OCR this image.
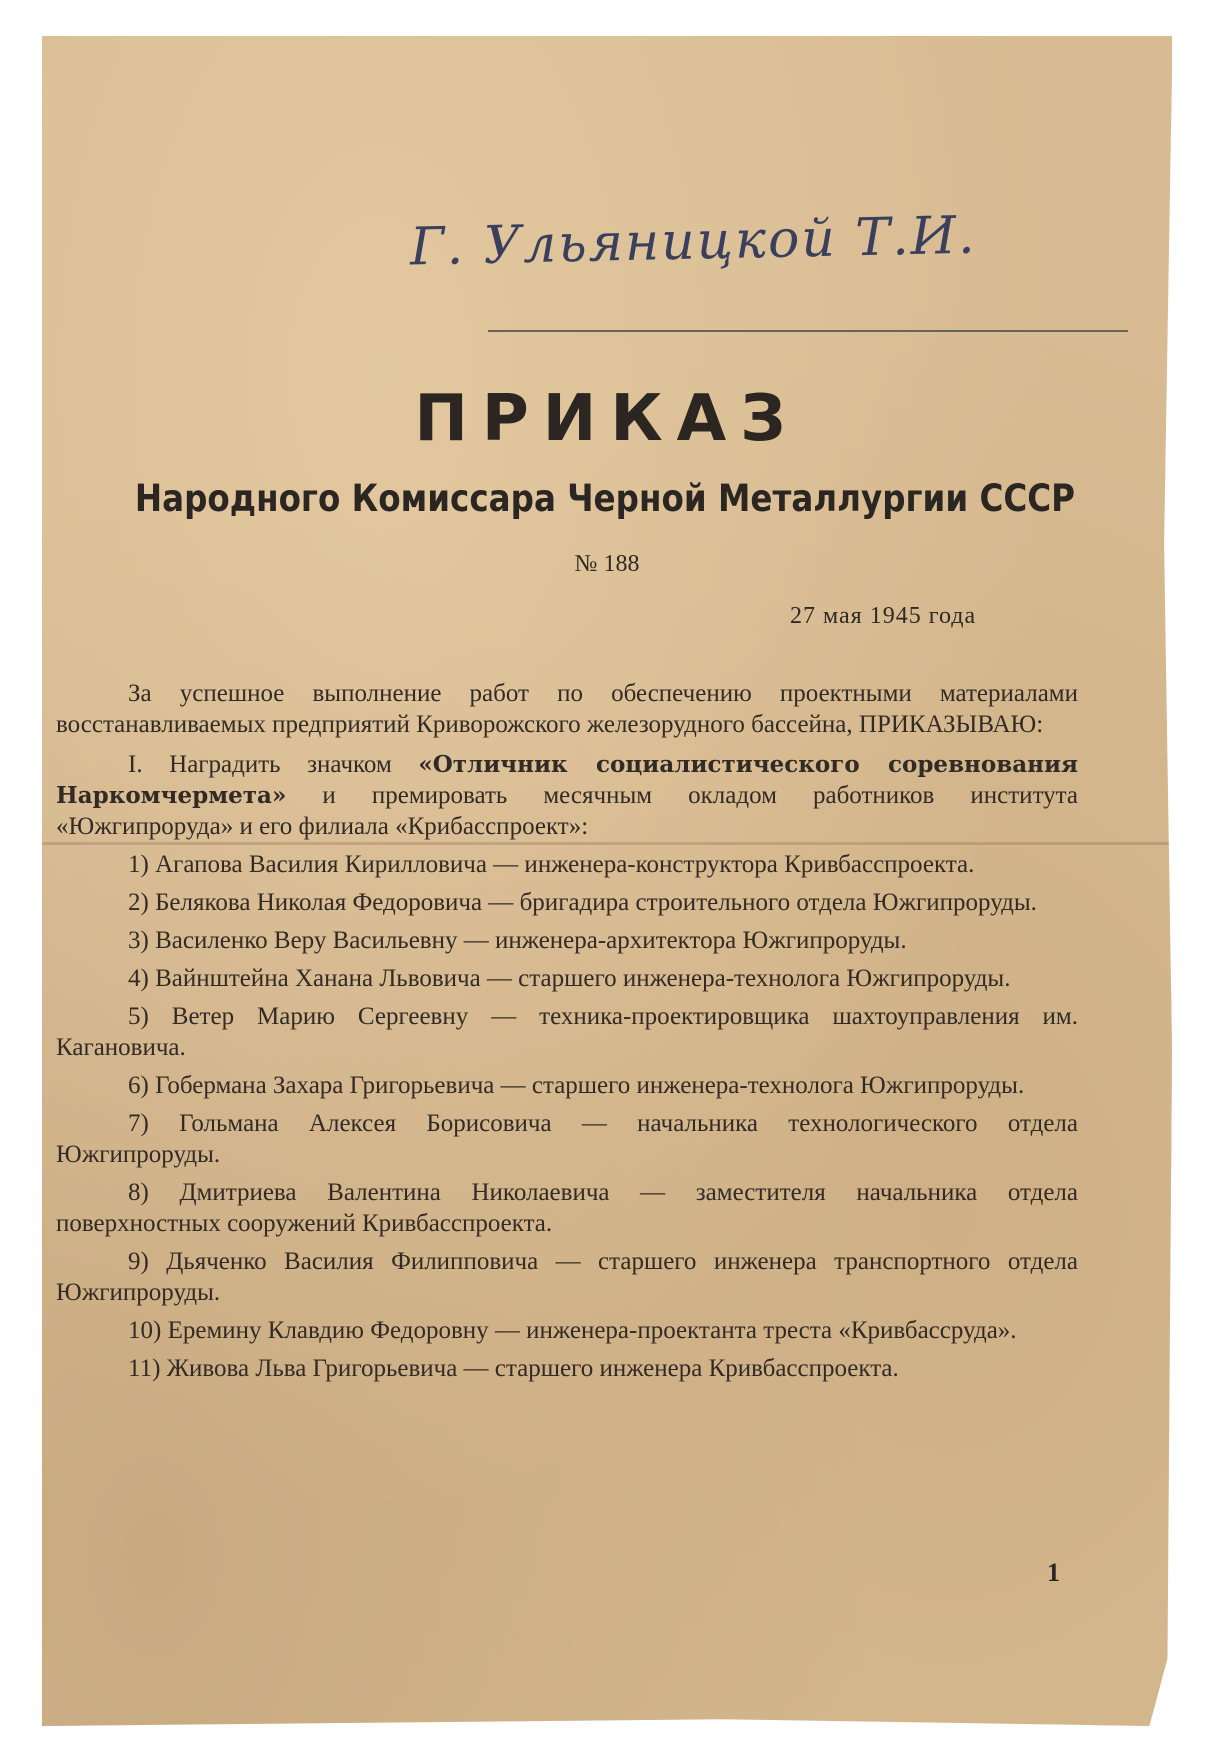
Г. Ульяницкой Т.И.
ПРИКАЗ
Народного Комиссара Черной Металлургии СССР
№ 188
27 мая 1945 года

За успешное выполнение работ по обеспечению проектными материалами восстанавливаемых предприятий Криворожского железорудного бассейна, ПРИКАЗЫВАЮ:

I. Наградить значком «Отличник социалистического соревнования Наркомчермета» и премировать месячным окладом работников института «Южгипроруда» и его филиала «Крибасспроект»:

1) Агапова Василия Кирилловича — инженера-конструктора Кривбасспроекта.

2) Белякова Николая Федоровича — бригадира строительного отдела Южгипроруды.

3) Василенко Веру Васильевну — инженера-архитектора Южгипроруды.

4) Вайнштейна Ханана Львовича — старшего инженера-технолога Южгипроруды.

5) Ветер Марию Сергеевну — техника-проектировщика шахтоуправления им. Кагановича.

6) Гобермана Захара Григорьевича — старшего инженера-технолога Южгипроруды.

7) Гольмана Алексея Борисовича — начальника технологического отдела Южгипроруды.

8) Дмитриева Валентина Николаевича — заместителя начальника отдела поверхностных сооружений Кривбасспроекта.

9) Дьяченко Василия Филипповича — старшего инженера транспортного отдела Южгипроруды.

10) Еремину Клавдию Федоровну — инженера-проектанта треста «Кривбассруда».

11) Живова Льва Григорьевича — старшего инженера Кривбасспроекта.

1
